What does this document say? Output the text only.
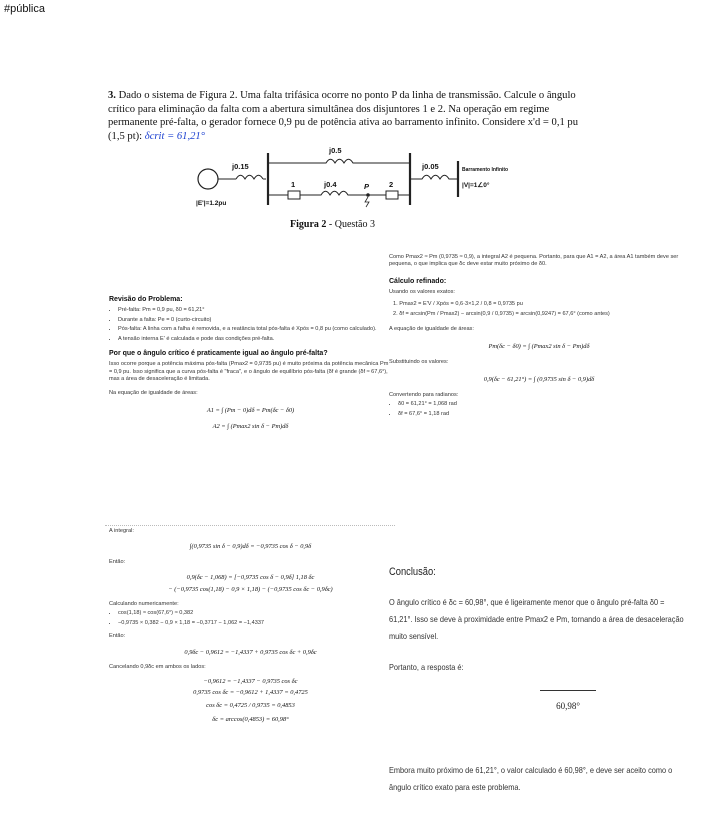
#pública
3. Dado o sistema de Figura 2. Uma falta trifásica ocorre no ponto P da linha de transmissão. Calcule o ângulo crítico para eliminação da falta com a abertura simultânea dos disjuntores 1 e 2. Na operação em regime permanente pré-falta, o gerador fornece 0,9 pu de potência ativa ao barramento infinito. Considere x'd = 0,1 pu (1,5 pt): δcrit = 61,21°
j0.5
j0.15
j0.4
j0.05	Barramento Infinito
|V|=1∠0°
|E'|=1.2pu
1	2
P
Figura 2 - Questão 3
Revisão do Problema:
• Pré-falta: Pm = 0,9 pu, δ0 = 61,21°
• Durante a falta: Pe = 0 (curto-circuito)
• Pós-falta: A linha com a falha é removida, e a reatância total pós-falta é Xpós = 0,8 pu (como calculado).
• A tensão interna E' é calculada e pode das condições pré-falta.
Por que o ângulo crítico é praticamente igual ao ângulo pré-falta?
Isso ocorre porque a potência máxima pós-falta (Pmax2 = 0,9735 pu) é muito próxima da potência mecânica Pm = 0,9 pu. Isso significa que a curva pós-falta é "fraca", e o ângulo de equilíbrio pós-falta (δf é grande (δf ≈ 67,6°), mas a área de desaceleração é limitada.
Na equação de igualdade de áreas:
A1 = ∫ (Pm − 0)dδ = Pm(δc − δ0)
A2 = ∫ (Pmax2 sin δ − Pm)dδ
Como Pmax2 ≈ Pm (0,9735 ≈ 0,9), a integral A2 é pequena. Portanto, para que A1 = A2, a área A1 também deve ser pequena, o que implica que δc deve estar muito próximo de δ0.
Cálculo refinado:
Usando os valores exatos:
1. Pmax2 = E'V / Xpós = 0,6·3×1,2 / 0,8 = 0,9735 pu
2. δf = arcsin(Pm / Pmax2) − arcsin(0,9 / 0,9735) = arcsin(0,9247) = 67,6° (como antes)
A equação de igualdade de áreas:
Pm(δc − δ0) = ∫ (Pmax2 sin δ − Pm)dδ
Substituindo os valores:
0,9(δc − 61,21°) = ∫ (0,9735 sin δ − 0,9)dδ
Convertendo para radianos:
• δ0 = 61,21° = 1,068 rad
• δf = 67,6° = 1,18 rad
A integral:
∫(0,9735 sin δ − 0,9)dδ = −0,9735 cos δ − 0,9δ
Então:
0,9(δc − 1,068) = [−0,9735 cos δ − 0,9δ] 1,18 δc
− (−0,9735 cos(1,18) − 0,9 × 1,18) − (−0,9735 cos δc − 0,9δc)
Calculando numericamente:
• cos(1,18) ≈ cos(67,6°) ≈ 0,382
• −0,9735 × 0,382 − 0,9 × 1,18 = −0,3717 − 1,062 = −1,4337
Então:
0,9δc − 0,9612 = −1,4337 + 0,9735 cos δc + 0,9δc
Cancelando 0,9δc em ambos os lados:
−0,9612 = −1,4337 − 0,9735 cos δc
0,9735 cos δc = −0,9612 + 1,4337 = 0,4725
cos δc = 0,4725 / 0,9735 = 0,4853
δc = arccos(0,4853) = 60,98°
Conclusão:

O ângulo crítico é δc = 60,98°, que é ligeiramente menor que o ângulo pré-falta δ0 = 61,21°. Isso se deve à proximidade entre Pmax2 e Pm, tornando a área de desaceleração muito sensível.

Portanto, a resposta é:

60,98°

Embora muito próximo de 61,21°, o valor calculado é 60,98°, e deve ser aceito como o ângulo crítico exato para este problema.
